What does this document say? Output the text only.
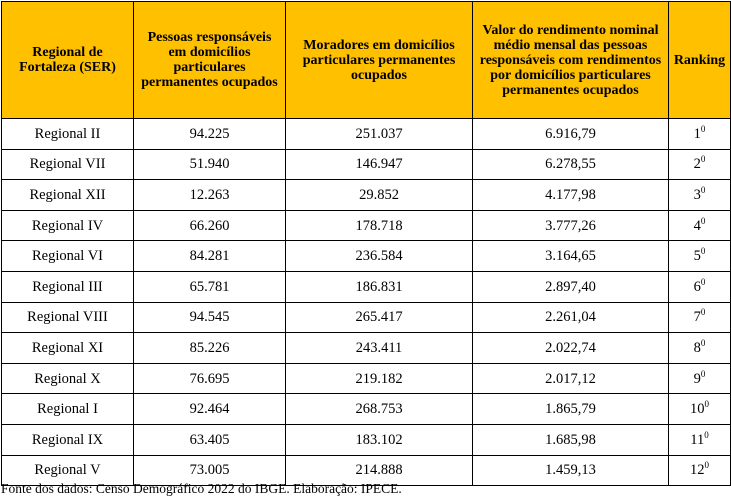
Regional de Fortaleza (SER)	Pessoas responsáveis em domicílios particulares permanentes ocupados	Moradores em domicílios particulares permanentes ocupados	Valor do rendimento nominal médio mensal das pessoas responsáveis com rendimentos por domicílios particulares permanentes ocupados	Ranking
Regional II	94.225	251.037	6.916,79	$1^0$
Regional VII	51.940	146.947	6.278,55	$2^0$
Regional XII	12.263	29.852	4.177,98	$3^0$
Regional IV	66.260	178.718	3.777,26	$4^0$
Regional VI	84.281	236.584	3.164,65	$5^0$
Regional III	65.781	186.831	2.897,40	$6^0$
Regional VIII	94.545	265.417	2.261,04	$7^0$
Regional XI	85.226	243.411	2.022,74	$8^0$
Regional X	76.695	219.182	2.017,12	$9^0$
Regional I	92.464	268.753	1.865,79	$10^0$
Regional IX	63.405	183.102	1.685,98	$11^0$
Regional V	73.005	214.888	1.459,13	$12^0$
Fonte dos dados: Censo Demográfico 2022 do IBGE. Elaboração: IPECE.
